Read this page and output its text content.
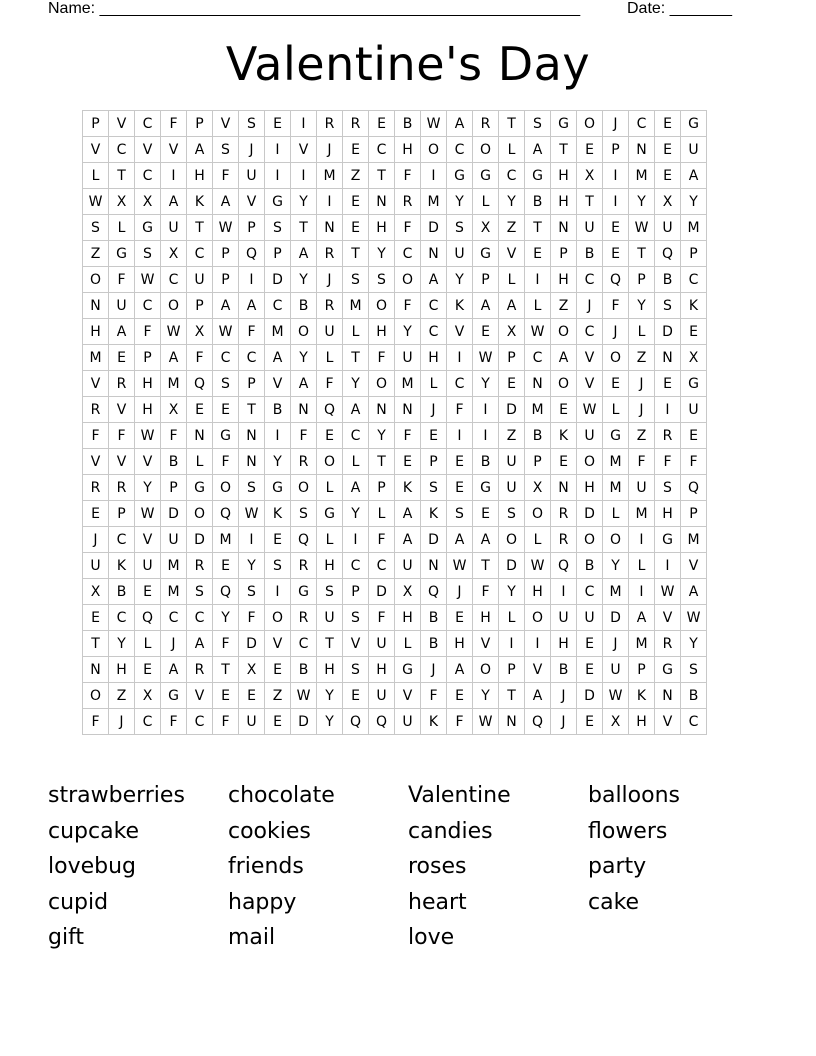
Name: ______________________________________________________	Date: _______
Valentine's Day
P	V	C	F	P	V	S	E	I	R	R	E	B	W	A	R	T	S	G	O	J	C	E	G
V	C	V	V	A	S	J	I	V	J	E	C	H	O	C	O	L	A	T	E	P	N	E	U
L	T	C	I	H	F	U	I	I	M	Z	T	F	I	G	G	C	G	H	X	I	M	E	A
W	X	X	A	K	A	V	G	Y	I	E	N	R	M	Y	L	Y	B	H	T	I	Y	X	Y
S	L	G	U	T	W	P	S	T	N	E	H	F	D	S	X	Z	T	N	U	E	W	U	M
Z	G	S	X	C	P	Q	P	A	R	T	Y	C	N	U	G	V	E	P	B	E	T	Q	P
O	F	W	C	U	P	I	D	Y	J	S	S	O	A	Y	P	L	I	H	C	Q	P	B	C
N	U	C	O	P	A	A	C	B	R	M	O	F	C	K	A	A	L	Z	J	F	Y	S	K
H	A	F	W	X	W	F	M	O	U	L	H	Y	C	V	E	X	W	O	C	J	L	D	E
M	E	P	A	F	C	C	A	Y	L	T	F	U	H	I	W	P	C	A	V	O	Z	N	X
V	R	H	M	Q	S	P	V	A	F	Y	O	M	L	C	Y	E	N	O	V	E	J	E	G
R	V	H	X	E	E	T	B	N	Q	A	N	N	J	F	I	D	M	E	W	L	J	I	U
F	F	W	F	N	G	N	I	F	E	C	Y	F	E	I	I	Z	B	K	U	G	Z	R	E
V	V	V	B	L	F	N	Y	R	O	L	T	E	P	E	B	U	P	E	O	M	F	F	F
R	R	Y	P	G	O	S	G	O	L	A	P	K	S	E	G	U	X	N	H	M	U	S	Q
E	P	W	D	O	Q	W	K	S	G	Y	L	A	K	S	E	S	O	R	D	L	M	H	P
J	C	V	U	D	M	I	E	Q	L	I	F	A	D	A	A	O	L	R	O	O	I	G	M
U	K	U	M	R	E	Y	S	R	H	C	C	U	N	W	T	D	W	Q	B	Y	L	I	V
X	B	E	M	S	Q	S	I	G	S	P	D	X	Q	J	F	Y	H	I	C	M	I	W	A
E	C	Q	C	C	Y	F	O	R	U	S	F	H	B	E	H	L	O	U	U	D	A	V	W
T	Y	L	J	A	F	D	V	C	T	V	U	L	B	H	V	I	I	H	E	J	M	R	Y
N	H	E	A	R	T	X	E	B	H	S	H	G	J	A	O	P	V	B	E	U	P	G	S
O	Z	X	G	V	E	E	Z	W	Y	E	U	V	F	E	Y	T	A	J	D	W	K	N	B
F	J	C	F	C	F	U	E	D	Y	Q	Q	U	K	F	W	N	Q	J	E	X	H	V	C
strawberries	chocolate	Valentine	balloons
cupcake	cookies	candies	flowers
lovebug	friends	roses	party
cupid	happy	heart	cake
gift	mail	love
